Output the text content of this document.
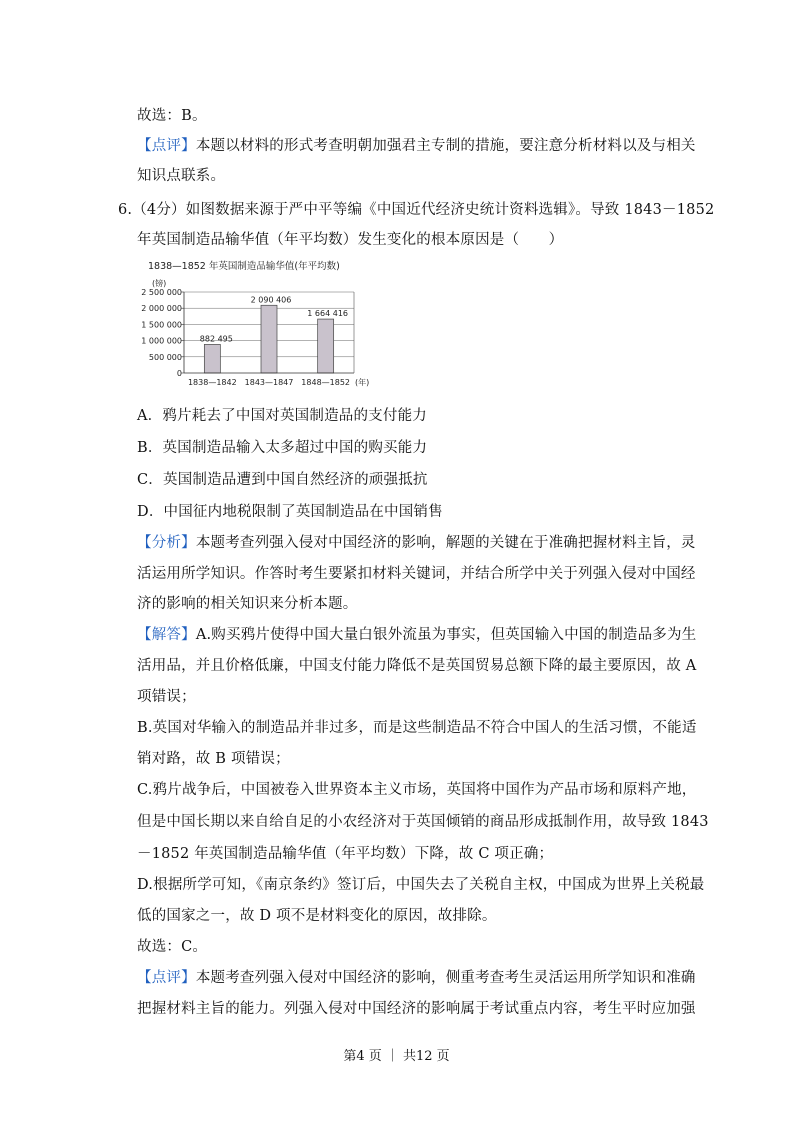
故选：B。
【点评】本题以材料的形式考查明朝加强君主专制的措施，要注意分析材料以及与相关
知识点联系。
6.（4分）如图数据来源于严中平等编《中国近代经济史统计资料选辑》。导致 1843－1852
年英国制造品输华值（年平均数）发生变化的根本原因是（　　）
1838—1852 年英国制造品输华值(年平均数)
(镑)
0
500 000
1 000 000
1 500 000
2 000 000
2 500 000
882 495
2 090 406
1 664 416
1838—1842 1843—1847 1848—1852 (年)
A．鸦片耗去了中国对英国制造品的支付能力
B．英国制造品输入太多超过中国的购买能力
C．英国制造品遭到中国自然经济的顽强抵抗
D．中国征内地税限制了英国制造品在中国销售
【分析】本题考查列强入侵对中国经济的影响，解题的关键在于准确把握材料主旨，灵
活运用所学知识。作答时考生要紧扣材料关键词，并结合所学中关于列强入侵对中国经
济的影响的相关知识来分析本题。
【解答】A.购买鸦片使得中国大量白银外流虽为事实，但英国输入中国的制造品多为生
活用品，并且价格低廉，中国支付能力降低不是英国贸易总额下降的最主要原因，故 A
项错误；
B.英国对华输入的制造品并非过多，而是这些制造品不符合中国人的生活习惯，不能适
销对路，故 B 项错误；
C.鸦片战争后，中国被卷入世界资本主义市场，英国将中国作为产品市场和原料产地，
但是中国长期以来自给自足的小农经济对于英国倾销的商品形成抵制作用，故导致 1843
－1852 年英国制造品输华值（年平均数）下降，故 C 项正确；
D.根据所学可知，《南京条约》签订后，中国失去了关税自主权，中国成为世界上关税最
低的国家之一，故 D 项不是材料变化的原因，故排除。
故选：C。
【点评】本题考查列强入侵对中国经济的影响，侧重考查考生灵活运用所学知识和准确
把握材料主旨的能力。列强入侵对中国经济的影响属于考试重点内容，考生平时应加强
第4 页 ｜ 共12 页
